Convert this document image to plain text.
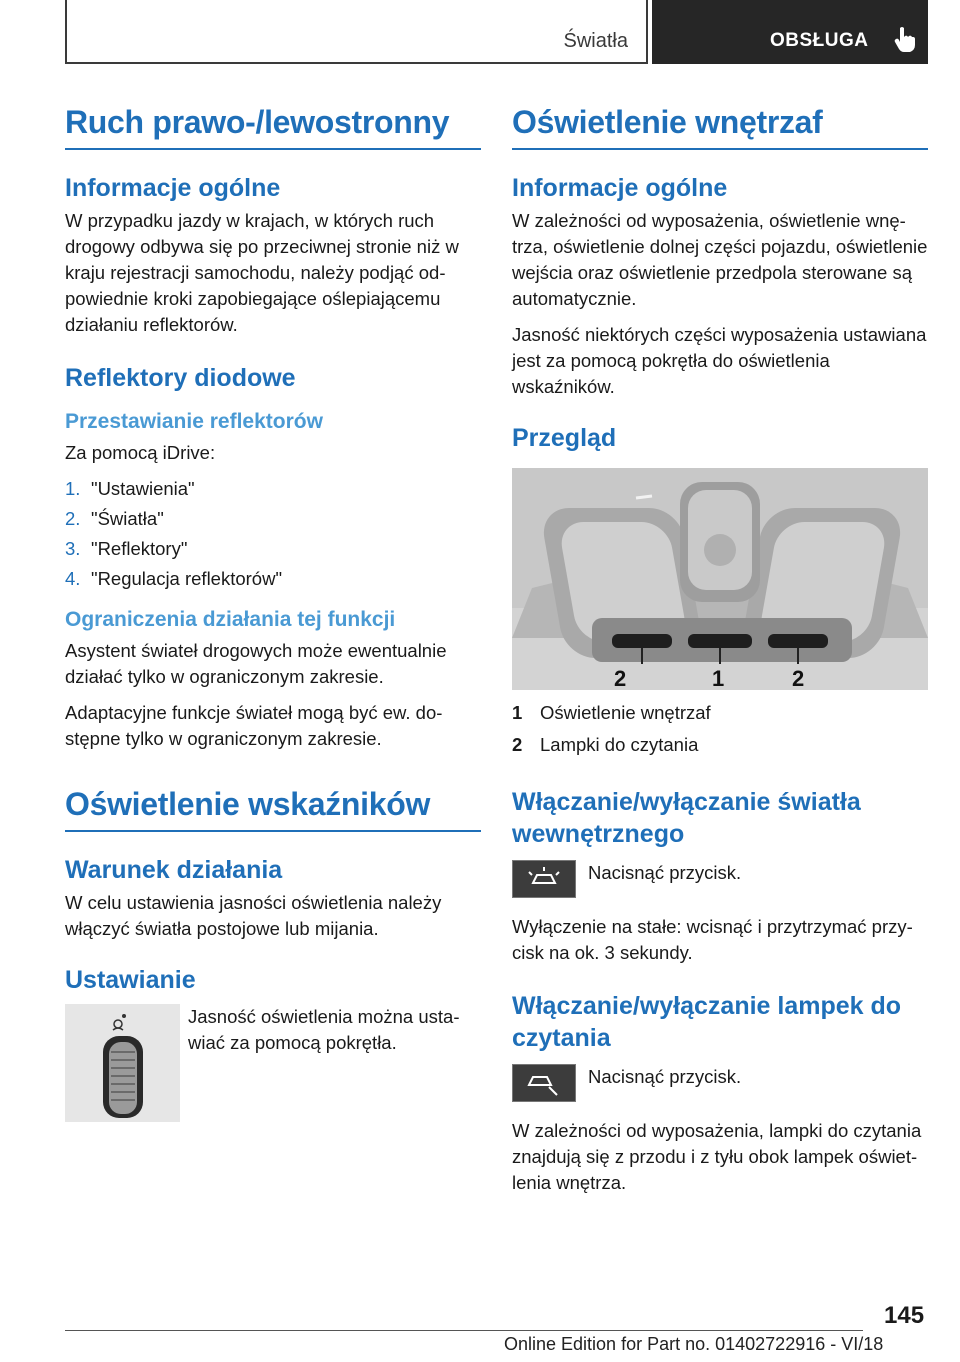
Światła	OBSŁUGA
Ruch prawo-/lewostronny
Informacje ogólne

W przypadku jazdy w krajach, w których ruch drogowy odbywa się po przeciwnej stronie niż w kraju rejestracji samochodu, należy podjąć odpowiednie kroki zapobiegające oślepiającemu działaniu reflektorów.

Reflektory diodowe
Przestawianie reflektorów

Za pomocą iDrive:

1. "Ustawienia"
2. "Światła"
3. "Reflektory"
4. "Regulacja reflektorów"
Ograniczenia działania tej funkcji

Asystent świateł drogowych może ewentualnie działać tylko w ograniczonym zakresie.

Adaptacyjne funkcje świateł mogą być ew. dostępne tylko w ograniczonym zakresie.

Oświetlenie wskaźników
Warunek działania

W celu ustawienia jasności oświetlenia należy włączyć światła postojowe lub mijania.

Ustawianie

Jasność oświetlenia można ustawiać za pomocą pokrętła.

Oświetlenie wnętrzaf
Informacje ogólne

W zależności od wyposażenia, oświetlenie wnętrza, oświetlenie dolnej części pojazdu, oświetlenie wejścia oraz oświetlenie przedpola sterowane są automatycznie.

Jasność niektórych części wyposażenia ustawiana jest za pomocą pokrętła do oświetlenia wskaźników.

Przegląd
2	1	2
1 Oświetlenie wnętrzaf
2 Lampki do czytania
Włączanie/wyłączanie światła wewnętrznego

Nacisnąć przycisk.

Wyłączenie na stałe: wcisnąć i przytrzymać przycisk na ok. 3 sekundy.

Włączanie/wyłączanie lampek do czytania

Nacisnąć przycisk.

W zależności od wyposażenia, lampki do czytania znajdują się z przodu i z tyłu obok lampek oświetlenia wnętrza.

145
Online Edition for Part no. 01402722916 - VI/18
